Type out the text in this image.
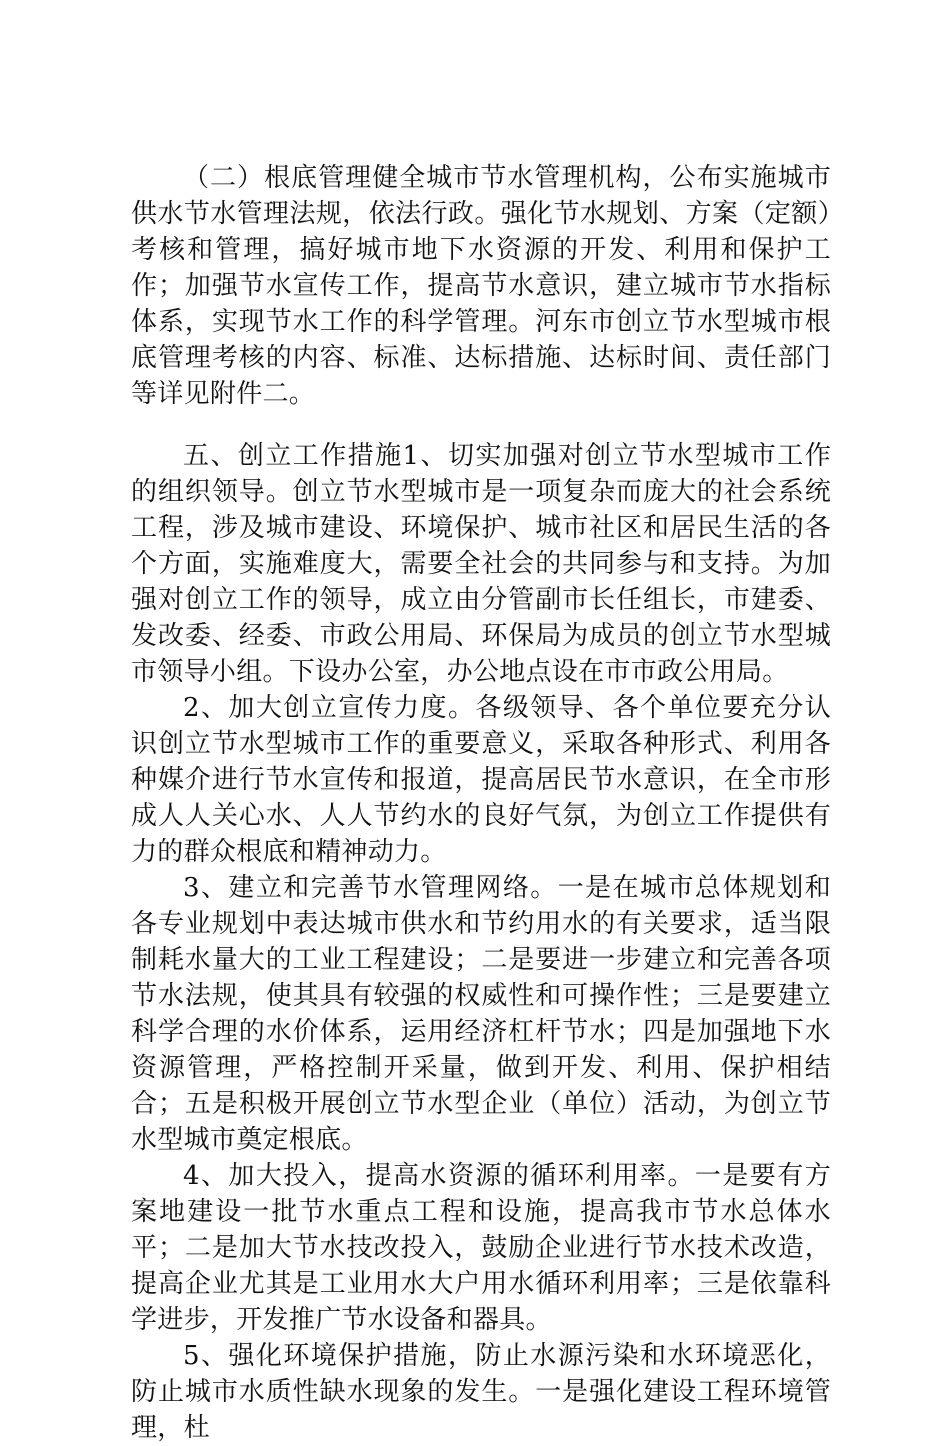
（二）根底管理健全城市节水管理机构，公布实施城市供水节水管理法规，依法行政。强化节水规划、方案（定额）考核和管理，搞好城市地下水资源的开发、利用和保护工作；加强节水宣传工作，提高节水意识，建立城市节水指标体系，实现节水工作的科学管理。河东市创立节水型城市根底管理考核的内容、标准、达标措施、达标时间、责任部门等详见附件二。

五、创立工作措施1、切实加强对创立节水型城市工作的组织领导。创立节水型城市是一项复杂而庞大的社会系统工程，涉及城市建设、环境保护、城市社区和居民生活的各个方面，实施难度大，需要全社会的共同参与和支持。为加强对创立工作的领导，成立由分管副市长任组长，市建委、发改委、经委、市政公用局、环保局为成员的创立节水型城市领导小组。下设办公室，办公地点设在市市政公用局。

2、加大创立宣传力度。各级领导、各个单位要充分认识创立节水型城市工作的重要意义，采取各种形式、利用各种媒介进行节水宣传和报道，提高居民节水意识，在全市形成人人关心水、人人节约水的良好气氛，为创立工作提供有力的群众根底和精神动力。

3、建立和完善节水管理网络。一是在城市总体规划和各专业规划中表达城市供水和节约用水的有关要求，适当限制耗水量大的工业工程建设；二是要进一步建立和完善各项节水法规，使其具有较强的权威性和可操作性；三是要建立科学合理的水价体系，运用经济杠杆节水；四是加强地下水资源管理，严格控制开采量，做到开发、利用、保护相结合；五是积极开展创立节水型企业（单位）活动，为创立节水型城市奠定根底。

4、加大投入，提高水资源的循环利用率。一是要有方案地建设一批节水重点工程和设施，提高我市节水总体水平；二是加大节水技改投入，鼓励企业进行节水技术改造，提高企业尤其是工业用水大户用水循环利用率；三是依靠科学进步，开发推广节水设备和器具。

5、强化环境保护措施，防止水源污染和水环境恶化，防止城市水质性缺水现象的发生。一是强化建设工程环境管理，杜
